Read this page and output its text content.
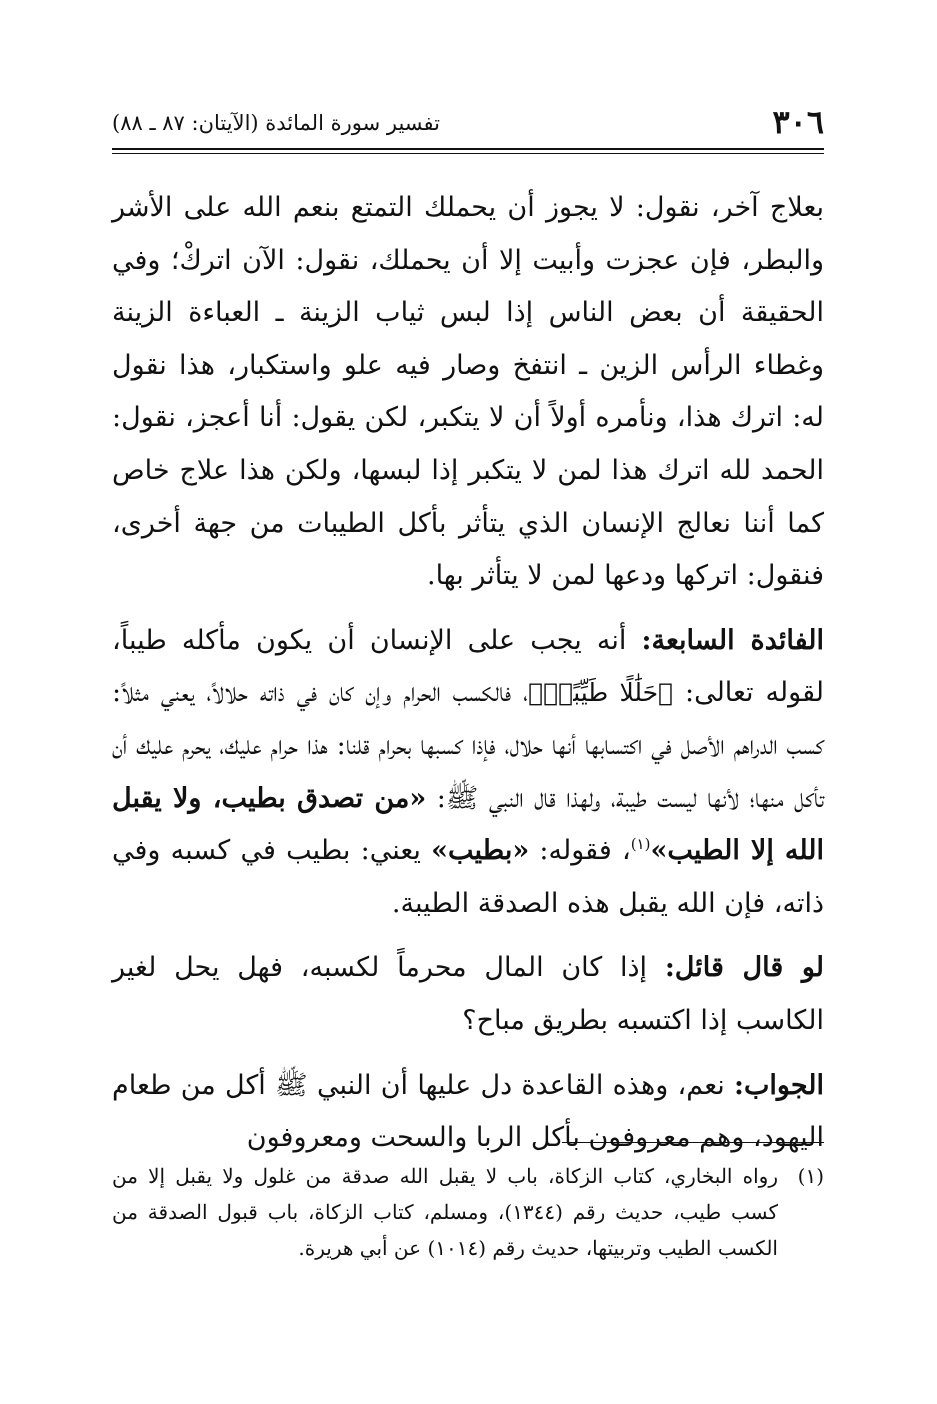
٣٠٦
تفسير سورة المائدة (الآيتان: ٨٧ ـ ٨٨)

بعلاج آخر، نقول: لا يجوز أن يحملك التمتع بنعم الله على الأشر والبطر، فإن عجزت وأبيت إلا أن يحملك، نقول: الآن اتركْ؛ وفي الحقيقة أن بعض الناس إذا لبس ثياب الزينة ـ العباءة الزينة وغطاء الرأس الزين ـ انتفخ وصار فيه علو واستكبار، هذا نقول له: اترك هذا، ونأمره أولاً أن لا يتكبر، لكن يقول: أنا أعجز، نقول: الحمد لله اترك هذا لمن لا يتكبر إذا لبسها، ولكن هذا علاج خاص كما أننا نعالج الإنسان الذي يتأثر بأكل الطيبات من جهة أخرى، فنقول: اتركها ودعها لمن لا يتأثر بها.

الفائدة السابعة: أنه يجب على الإنسان أن يكون مأكله طيباً، لقوله تعالى: ﴿حَلَٰلًا طَيِّبًاۚ﴾، فالكسب الحرام وإن كان في ذاته حلالاً، يعني مثلاً: كسب الدراهم الأصل في اكتسابها أنها حلال، فإذا كسبها بحرام قلنا: هذا حرام عليك، يحرم عليك أن تأكل منها؛ لأنها ليست طيبة، ولهذا قال النبي ﷺ: «من تصدق بطيب، ولا يقبل الله إلا الطيب»$^{(١)}$، فقوله: «بطيب» يعني: بطيب في كسبه وفي ذاته، فإن الله يقبل هذه الصدقة الطيبة.

لو قال قائل: إذا كان المال محرماً لكسبه، فهل يحل لغير الكاسب إذا اكتسبه بطريق مباح؟

الجواب: نعم، وهذه القاعدة دل عليها أن النبي ﷺ أكل من طعام اليهود، وهم معروفون بأكل الربا والسحت ومعروفون

(١)رواه البخاري، كتاب الزكاة، باب لا يقبل الله صدقة من غلول ولا يقبل إلا من كسب طيب، حديث رقم (١٣٤٤)، ومسلم، كتاب الزكاة، باب قبول الصدقة من الكسب الطيب وتربيتها، حديث رقم (١٠١٤) عن أبي هريرة.
